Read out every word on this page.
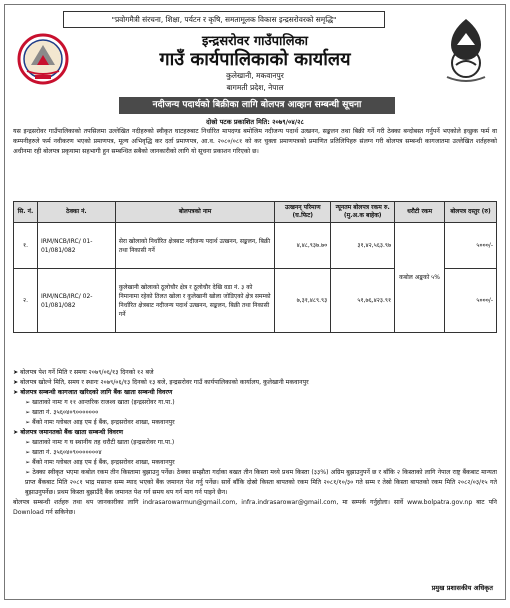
"प्रवोगमैत्री संरचना, शिक्षा, पर्यटन र कृषि, समतामूलक विकास इन्द्रसरोवरको समृद्धि"
इन्द्रसरोवर गाउँपालिका
गाउँ कार्यपालिकाको कार्यालय
कुलेखानी, मकवानपुर
बागमती प्रदेश, नेपाल
नदीजन्य पदार्थको बिक्रीका लागि बोलपत्र आव्हान सम्बन्धी सूचना
दोस्रो पटक प्रकाशित मिति: २०७९/०४/२८
यस इन्द्रसरोवर गाउँपालिकाको तपसिलमा उल्लेखित नदीहरुको स्वीकृत घाटहरुबाट निर्धारित मापदण्ड बमोजिम नदीजन्य पदार्थ उत्खनन, सङ्कलन तथा बिक्री गर्ने गरी ठेक्का बन्दोबस्त गर्नुपर्ने भएकोले इच्छुक फर्म वा कम्पनीहरुले फर्म नवीकरण भएको प्रमाणपत्र, मूल्य अभिवृद्धि कर दर्ता प्रमाणपत्र, आ.व. २०८०/०८१ को कर चुक्ता प्रमाणपत्रको प्रमाणित प्रतिलिपिहरु संलग्न गरी बोलपत्र सम्बन्धी कागजातमा उल्लेखित शर्तहरुको अधीनमा रही बोलपत्र प्रकृयामा सहभागी हुन सम्बन्धित सबैको जानकारीको लागि यो सूचना प्रकाशन गरिएको छ।
सि. नं.	ठेक्का नं.	बोलपत्रको नाम	उत्खनन् परिमाण (घ.फिट)	न्यूनतम बोलपत्र रकम रु. (मु.अ.क बाहेक)	धरौटी रकम	बोलपत्र दस्तुर (रु)
१.	IRM/NCB/IRC/ 01-01/081/082	सेरा खोलाको निर्धारित क्षेत्रबाट नदीजन्य पदार्थ उत्खनन, सङ्कलन, बिक्री तथा निकासी गर्ने	४,४८,९३७.७०	३१,४२,५६३.९७	कबोल अङ्कको ५%	५०००/-
२.	IRM/NCB/IRC/ 02-01/081/082	कुलेखानी खोलाको ठूलोचौर क्षेत्र र ठूलोचौर देखि वडा नं. ३ को निमानामा रहेको तिलत खोला र कुलेखानी खोला जोडिएको क्षेत्र समम्को निर्धारित क्षेत्रबाट नदीजन्य पदार्थ उत्खनन, सङ्कलन, बिक्री तथा निकासी गर्ने	७,३१,४८९.९३	५१,७६,४२३.९१		५०००/-
➤ बोलपत्र पेश गर्ने मिति र समयः २०७९/०६/१३ दिनको १२ बजे
➤ बोलपत्र खोल्ने मिति, समय र स्थानः २०७९/०६/१३ दिनको १३ बजे, इन्द्रसरोवर गाउँ कार्यपालिकाको कार्यालय, कुलेखानी मकवानपुर
➤ बोलपत्र सम्बन्धी कागजात खरिदको लागि बैंक खाता सम्बन्धी विवरण
➢ खाताको नामः ग ११ आन्तरिक राजश्व खाता (इन्द्रसरोवर गा.पा.)
➢ खाता नं. ३५६०४०९०००००००
➢ बैंको नामः ग्लोबल आइ एम ई बैंक, इन्द्रसरोवर शाखा, मकवानपुर
➤ बोलपत्र जमानतको बैंक खाता सम्बन्धी विवरण
➢ खाताको नामः ग घ स्थानीय तह धरौटी खाता (इन्द्रसरोवर गा.पा.)
➢ खाता नं. ३५६०४०९०००००००४
➢ बैंको नामः ग्लोबल आइ एम ई बैंक, इन्द्रसरोवर शाखा, मकवानपुर
➢ ठेक्का स्वीकृत भएमा कबोल रकम तीन किस्तामा बुझाउनु पर्नेछ। ठेक्का सम्झौता गर्दाका बखत तीन किस्ता मध्ये प्रथम किस्ता (३३%) अग्रिम बुझाउनुपर्ने छ र बाँकि २ किस्ताको लागि नेपाल राष्ट्र बैंकबाट मान्यता प्राप्त बैंकबाट मिति २०८१ भाद्र मसान्त सम्म म्याद भएको बैंक जमानत पेश गर्नु पर्नेछ। सार्वे बाँकि दोस्रो किस्ता बापतको रकम मिति २०८१/१०/३० गते सम्म र तेस्रो किस्ता बापतको रकम मिति २०८२/०३/१५ गते बुझाउनुपर्नेछ। प्रथम किस्ता बुझाउँदै बैंक जमानत पेश गर्न समय थप गर्न माग गर्न पाइने छैन।
बोलपत्र सम्बन्धी शर्तहरु तथा थप जानकारीका लागि indrasarowarmun@gmail.com, infra.indrasarowar@gmail.com, मा सम्पर्क गर्नुहोला। सार्वे www.bolpatra.gov.np बाट पनि Download गर्न सकिनेछ।
प्रमुख प्रशासकीय अधिकृत
